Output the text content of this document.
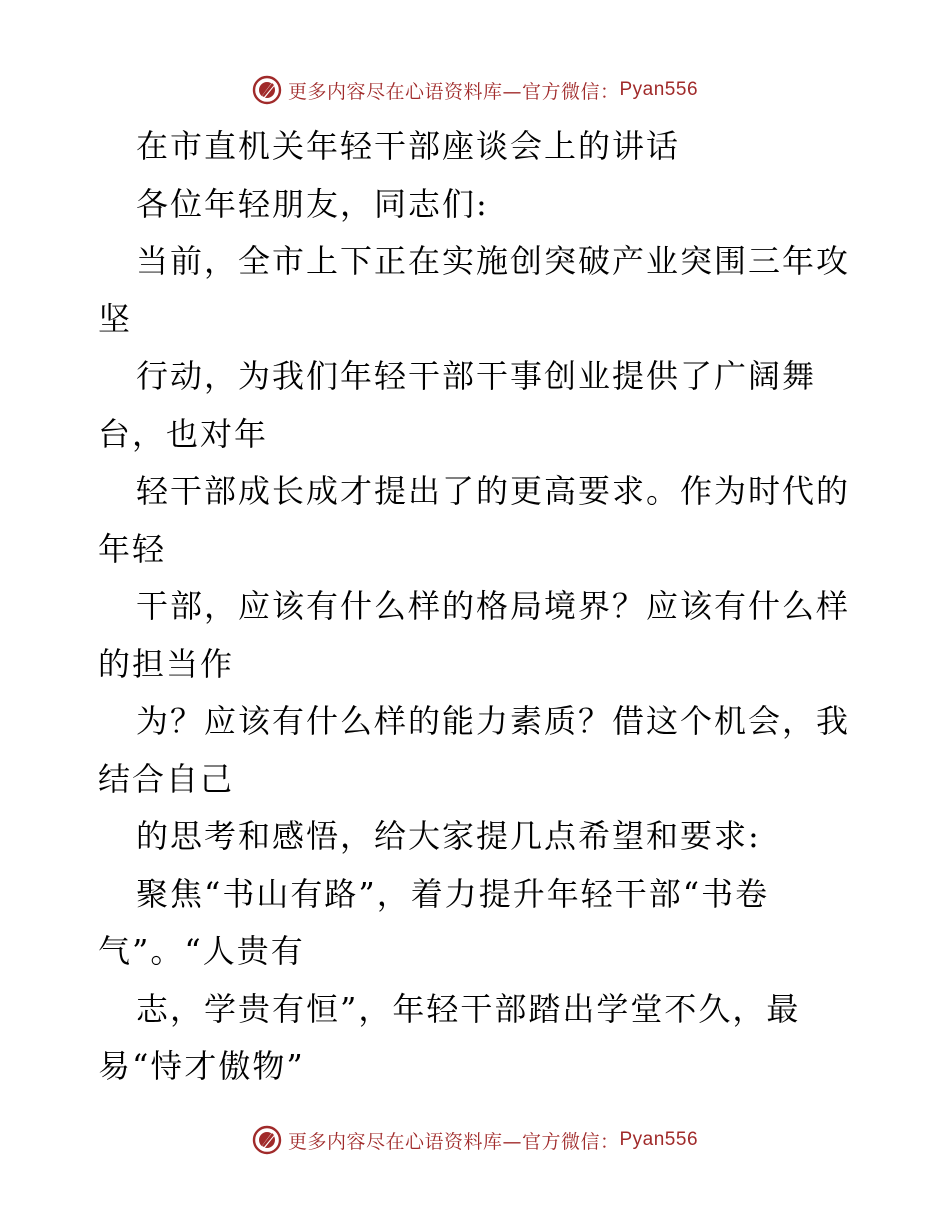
更多内容尽在心语资料库—官方微信： Pyan556
在市直机关年轻干部座谈会上的讲话
各位年轻朋友，同志们:
当前，全市上下正在实施创突破产业突围三年攻
坚
行动，为我们年轻干部干事创业提供了广阔舞
台，也对年
轻干部成长成才提出了的更高要求。作为时代的
年轻
干部，应该有什么样的格局境界？应该有什么样
的担当作
为？应该有什么样的能力素质？借这个机会，我
结合自己
的思考和感悟，给大家提几点希望和要求:
聚焦“书山有路”，着力提升年轻干部“书卷
气”。“人贵有
志，学贵有恒”，年轻干部踏出学堂不久，最
易“恃才傲物”
更多内容尽在心语资料库—官方微信： Pyan556
